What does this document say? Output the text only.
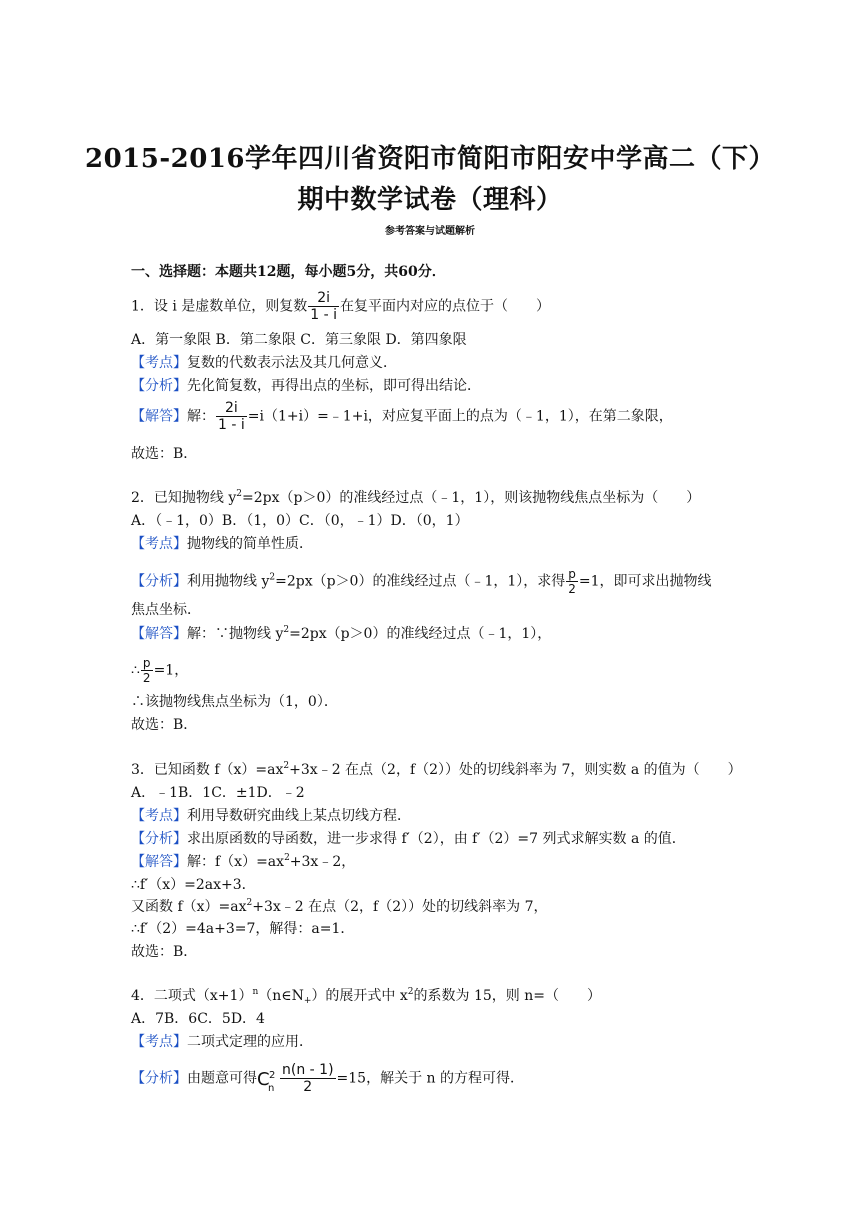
2015-2016学年四川省资阳市简阳市阳安中学高二（下）
期中数学试卷（理科）
参考答案与试题解析
一、选择题：本题共12题，每小题5分，共60分．
1．设 i 是虚数单位，则复数 $\frac{2i}{1 - i}$ 在复平面内对应的点位于（　　）
A．第一象限 B．第二象限 C．第三象限 D．第四象限
【考点】复数的代数表示法及其几何意义．
【分析】先化简复数，再得出点的坐标，即可得出结论．
【解答】解： $\frac{2i}{1 - i}$ =i（1+i）=﹣1+i，对应复平面上的点为（﹣1，1），在第二象限，
故选：B．
2．已知抛物线 $y^2=2px(p>0)$的准线经过点（﹣1，1），则该抛物线焦点坐标为（　　）
A．（﹣1，0）B．（1，0）C．（0，﹣1）D．（0，1）
【考点】抛物线的简单性质．
【分析】利用抛物线 $y^2=2px(p>0)$的准线经过点（﹣1，1），求得 $\frac{p}{2} =1$，即可求出抛物线
焦点坐标．
【解答】解：∵抛物线 $y^2=2px(p>0)$的准线经过点（﹣1，1），
∴ $\frac{p}{2} =1$，
∴该抛物线焦点坐标为（1，0）．
故选：B．
3．已知函数 $f(x)=ax^2+3x﹣2$ 在点（2，f（2））处的切线斜率为 7，则实数 a 的值为（　　）
A．﹣1B．1C．±1D．﹣2
【考点】利用导数研究曲线上某点切线方程．
【分析】求出原函数的导函数，进一步求得 f′（2），由 f′（2）=7 列式求解实数 a 的值．
【解答】解：$f(x)=ax^2+3x﹣2$，
∴f′（x）=2ax+3．
又函数 $f(x)=ax^2+3x﹣2$ 在点（2，f（2））处的切线斜率为 7，
∴f′（2）=4a+3=7，解得：a=1．
故选：B．
4．二项式$(x+1)^n(n\in N_+)$的展开式中 $x^2$的系数为 15，则 n=（　　）
A．7B．6C．5D．4
【考点】二项式定理的应用．
【分析】由题意可得 C 2
n $\frac{n(n - 1)}{2} =15$，解关于 n 的方程可得．
